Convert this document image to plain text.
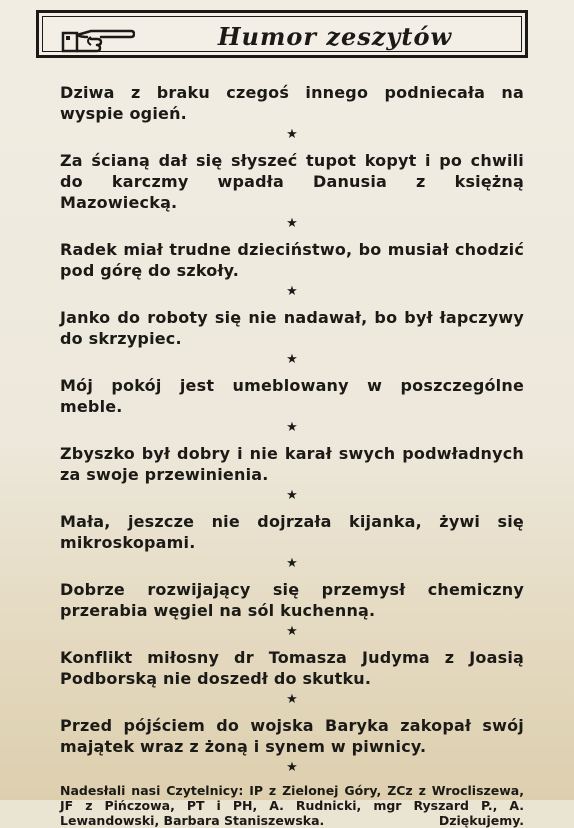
Humor zeszytów

Dziwa z braku czegoś innego podniecała na wyspie ogień.

★

Za ścianą dał się słyszeć tupot kopyt i po chwili do karczmy wpadła Danusia z księżną Mazowiecką.

★

Radek miał trudne dzieciństwo, bo musiał chodzić pod górę do szkoły.

★

Janko do roboty się nie nadawał, bo był łapczywy do skrzypiec.

★

Mój pokój jest umeblowany w poszczególne meble.

★

Zbyszko był dobry i nie karał swych podwładnych za swoje przewinienia.

★

Mała, jeszcze nie dojrzała kijanka, żywi się mikroskopami.

★

Dobrze rozwijający się przemysł chemiczny przerabia węgiel na sól kuchenną.

★

Konflikt miłosny dr Tomasza Judyma z Joasią Podborską nie doszedł do skutku.

★

Przed pójściem do wojska Baryka zakopał swój majątek wraz z żoną i synem w piwnicy.

★

Nadesłali nasi Czytelnicy: IP z Zielonej Góry, ZCz z Wrocliszewa, JF z Pińczowa, PT i PH, A. Rudnicki, mgr Ryszard P., A. Lewandowski, Barbara Staniszewska.	Dziękujemy.
